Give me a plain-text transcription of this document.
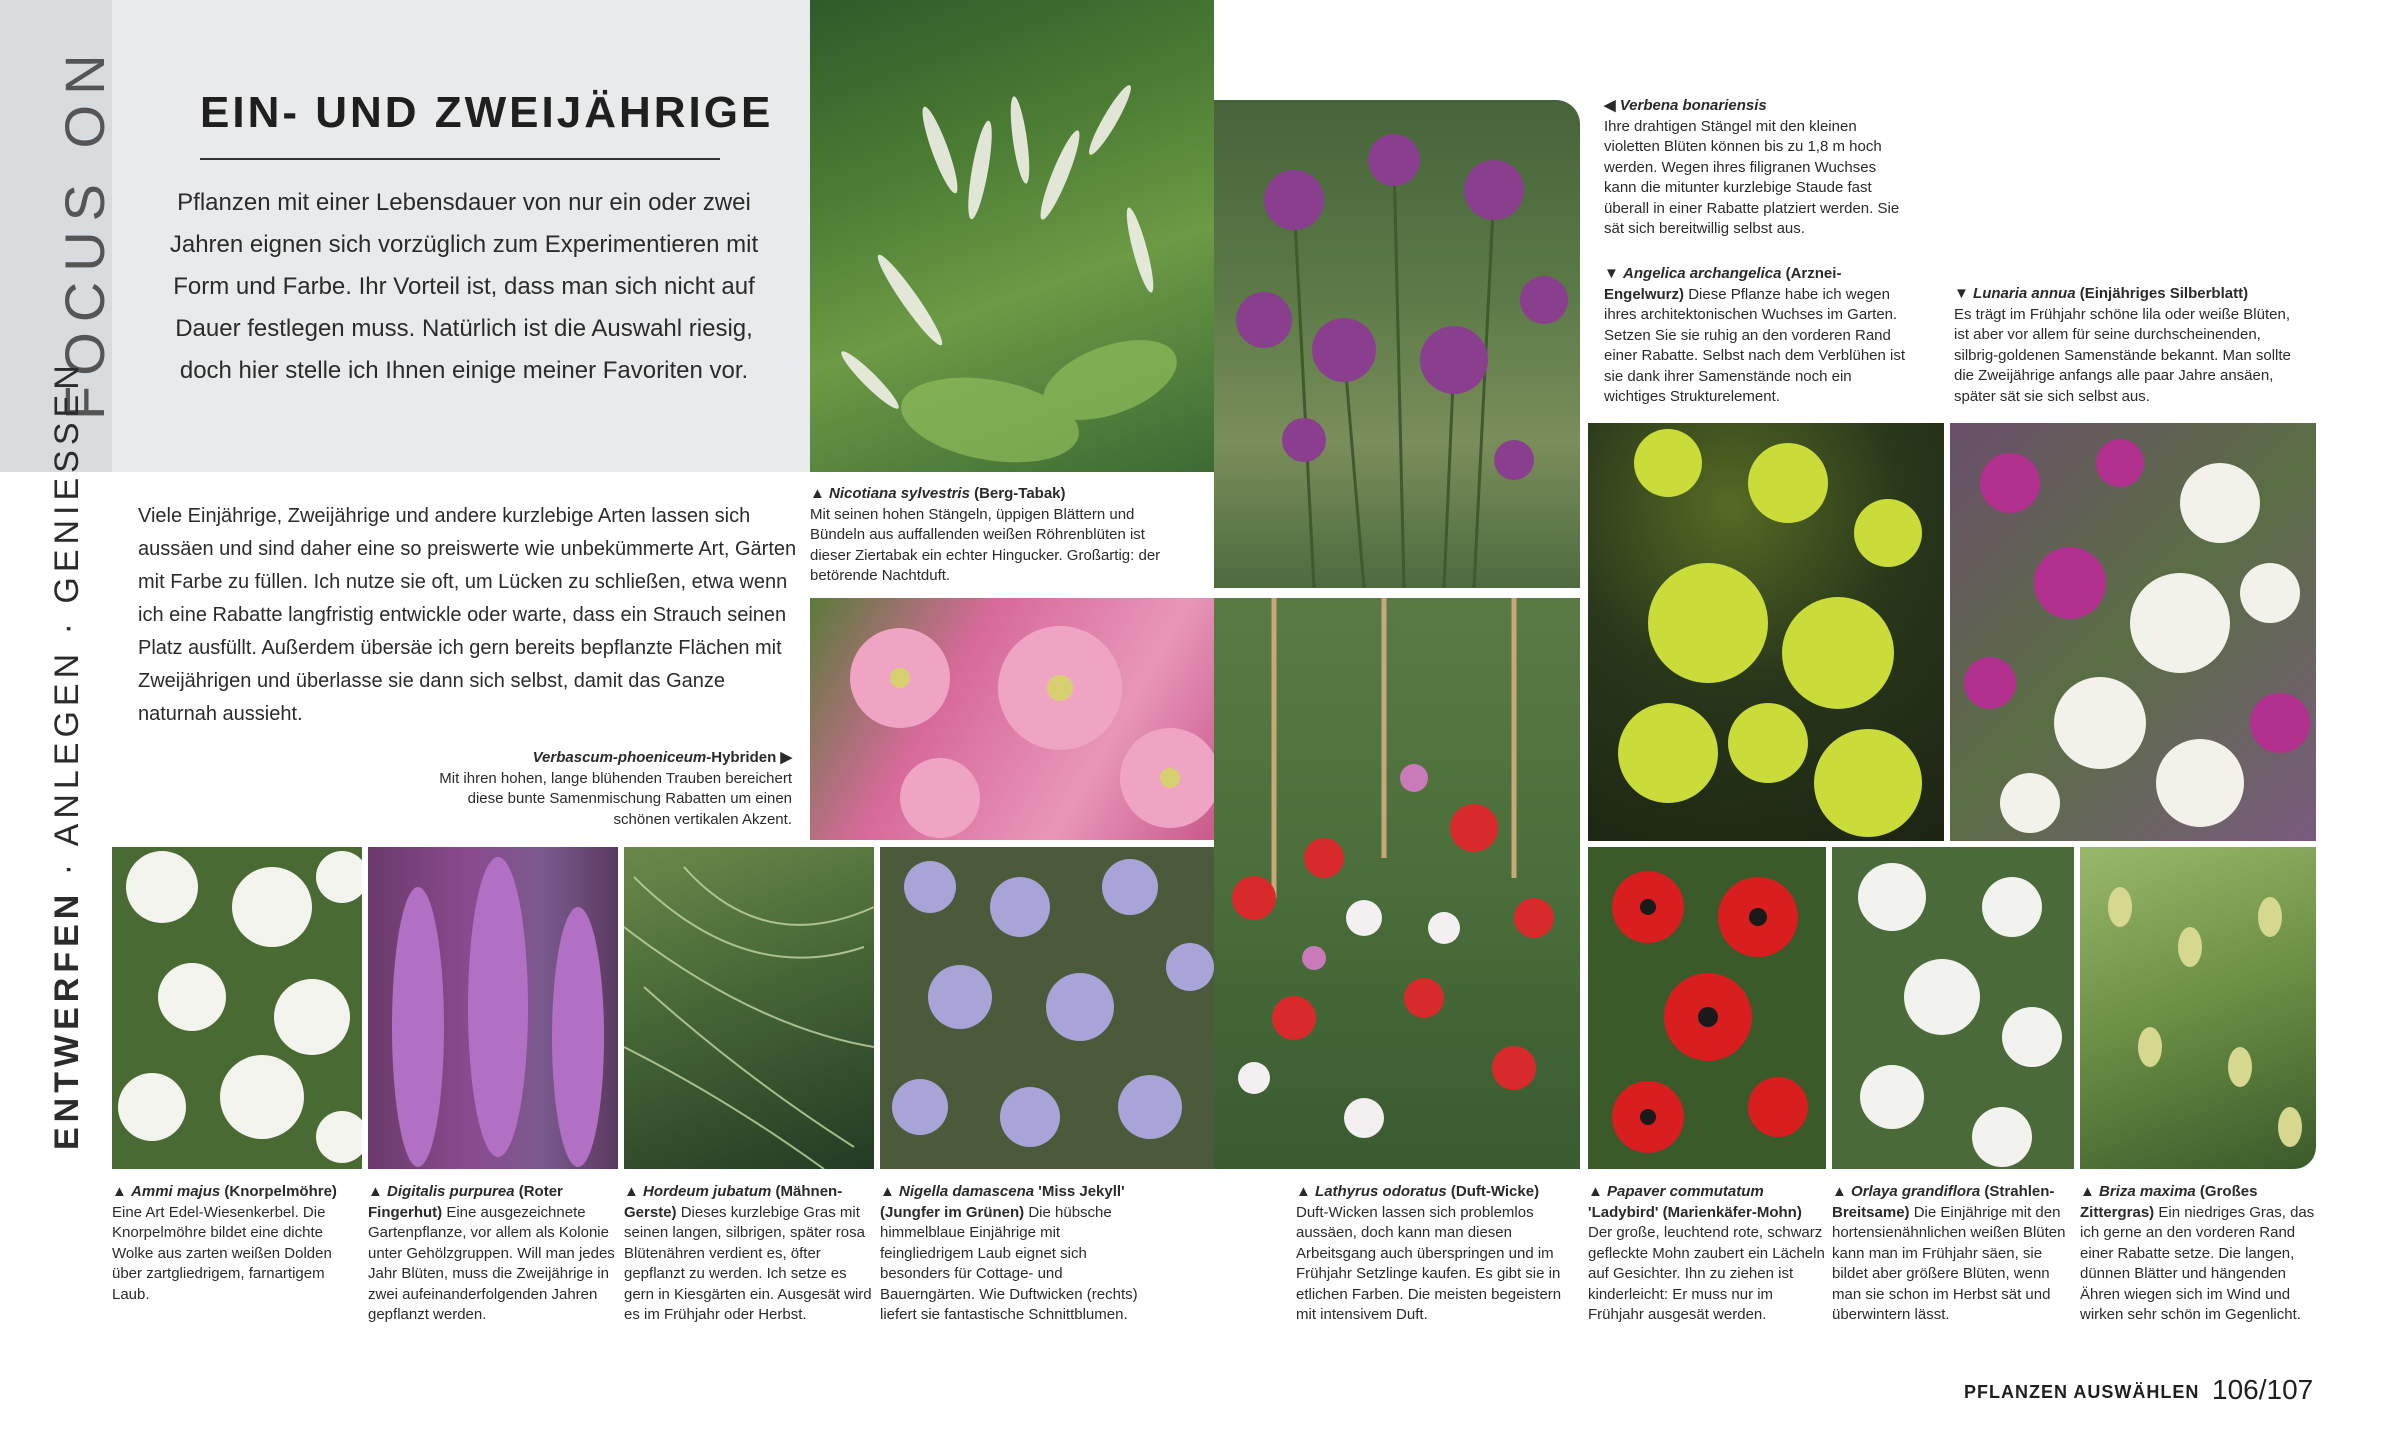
FOCUS ON
ENTWERFEN · ANLEGEN · GENIESSEN
EIN- UND ZWEIJÄHRIGE
Pflanzen mit einer Lebensdauer von nur ein oder zwei Jahren eignen sich vorzüglich zum Experimentieren mit Form und Farbe. Ihr Vorteil ist, dass man sich nicht auf Dauer festlegen muss. Natürlich ist die Auswahl riesig, doch hier stelle ich Ihnen einige meiner Favoriten vor.
Viele Einjährige, Zweijährige und andere kurzlebige Arten lassen sich aussäen und sind daher eine so preiswerte wie unbekümmerte Art, Gärten mit Farbe zu füllen. Ich nutze sie oft, um Lücken zu schließen, etwa wenn ich eine Rabatte langfristig entwickle oder warte, dass ein Strauch seinen Platz ausfüllt. Außerdem übersäe ich gern bereits bepflanzte Flächen mit Zweijährigen und überlasse sie dann sich selbst, damit das Ganze naturnah aussieht.
Verbascum-phoeniceum-Hybriden ▶
Mit ihren hohen, lange blühenden Trauben bereichert diese bunte Samenmischung Rabatten um einen schönen vertikalen Akzent.
▲ Nicotiana sylvestris (Berg-Tabak)
Mit seinen hohen Stängeln, üppigen Blättern und Bündeln aus auffallenden weißen Röhrenblüten ist dieser Ziertabak ein echter Hingucker. Großartig: der betörende Nachtduft.
◀ Verbena bonariensis
Ihre drahtigen Stängel mit den kleinen violetten Blüten können bis zu 1,8 m hoch werden. Wegen ihres filigranen Wuchses kann die mitunter kurzlebige Staude fast überall in einer Rabatte platziert werden. Sie sät sich bereitwillig selbst aus.
▼ Angelica archangelica (Arznei-Engelwurz) Diese Pflanze habe ich wegen ihres architektonischen Wuchses im Garten. Setzen Sie sie ruhig an den vorderen Rand einer Rabatte. Selbst nach dem Verblühen ist sie dank ihrer Samenstände noch ein wichtiges Strukturelement.
▼ Lunaria annua (Einjähriges Silberblatt)
Es trägt im Frühjahr schöne lila oder weiße Blüten, ist aber vor allem für seine durchscheinenden, silbrig-goldenen Samenstände bekannt. Man sollte die Zweijährige anfangs alle paar Jahre ansäen, später sät sie sich selbst aus.
▲ Ammi majus (Knorpelmöhre)
Eine Art Edel-Wiesenkerbel. Die Knorpelmöhre bildet eine dichte Wolke aus zarten weißen Dolden über zartgliedrigem, farnartigem Laub.
▲ Digitalis purpurea (Roter Fingerhut) Eine ausgezeichnete Gartenpflanze, vor allem als Kolonie unter Gehölzgruppen. Will man jedes Jahr Blüten, muss die Zweijährige in zwei aufeinanderfolgenden Jahren gepflanzt werden.
▲ Hordeum jubatum (Mähnen-Gerste) Dieses kurzlebige Gras mit seinen langen, silbrigen, später rosa Blütenähren verdient es, öfter gepflanzt zu werden. Ich setze es gern in Kiesgärten ein. Ausgesät wird es im Frühjahr oder Herbst.
▲ Nigella damascena 'Miss Jekyll' (Jungfer im Grünen) Die hübsche himmelblaue Einjährige mit feingliedrigem Laub eignet sich besonders für Cottage- und Bauerngärten. Wie Duftwicken (rechts) liefert sie fantastische Schnittblumen.
▲ Lathyrus odoratus (Duft-Wicke)
Duft-Wicken lassen sich problemlos aussäen, doch kann man diesen Arbeitsgang auch überspringen und im Frühjahr Setzlinge kaufen. Es gibt sie in etlichen Farben. Die meisten begeistern mit intensivem Duft.
▲ Papaver commutatum 'Ladybird' (Marienkäfer-Mohn) Der große, leuchtend rote, schwarz gefleckte Mohn zaubert ein Lächeln auf Gesichter. Ihn zu ziehen ist kinderleicht: Er muss nur im Frühjahr ausgesät werden.
▲ Orlaya grandiflora (Strahlen-Breitsame) Die Einjährige mit den hortensienähnlichen weißen Blüten kann man im Frühjahr säen, sie bildet aber größere Blüten, wenn man sie schon im Herbst sät und überwintern lässt.
▲ Briza maxima (Großes Zittergras) Ein niedriges Gras, das ich gerne an den vorderen Rand einer Rabatte setze. Die langen, dünnen Blätter und hängenden Ähren wiegen sich im Wind und wirken sehr schön im Gegenlicht.
PFLANZEN AUSWÄHLEN 106/107
